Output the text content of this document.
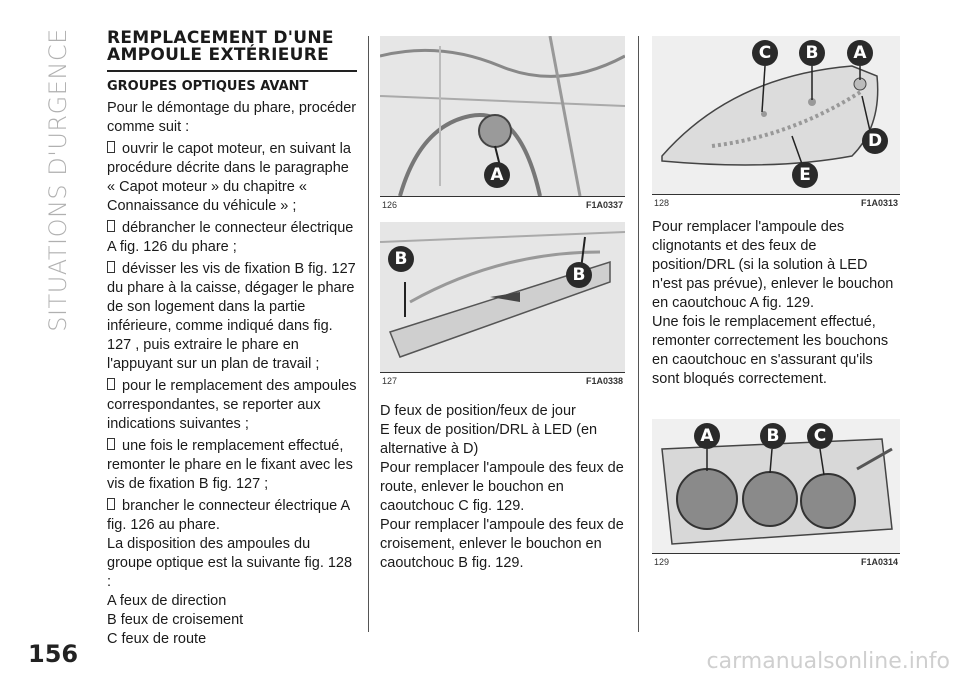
SITUATIONS D'URGENCE
156
REMPLACEMENT D'UNE AMPOULE EXTÉRIEURE
GROUPES OPTIQUES AVANT

Pour le démontage du phare, procéder comme suit :

ouvrir le capot moteur, en suivant la procédure décrite dans le paragraphe « Capot moteur » du chapitre « Connaissance du véhicule » ;

débrancher le connecteur électrique A fig. 126 du phare ;

dévisser les vis de fixation B fig. 127 du phare à la caisse, dégager le phare de son logement dans la partie inférieure, comme indiqué dans fig. 127 , puis extraire le phare en l'appuyant sur un plan de travail ;

pour le remplacement des ampoules correspondantes, se reporter aux indications suivantes ;

une fois le remplacement effectué, remonter le phare en le fixant avec les vis de fixation B fig. 127 ;

brancher le connecteur électrique A fig. 126 au phare.

La disposition des ampoules du groupe optique est la suivante fig. 128 :

A feux de direction

B feux de croisement

C feux de route

A
126	F1A0337
B
B
127	F1A0338

D feux de position/feux de jour

E feux de position/DRL à LED (en alternative à D)

Pour remplacer l'ampoule des feux de route, enlever le bouchon en caoutchouc C fig. 129.

Pour remplacer l'ampoule des feux de croisement, enlever le bouchon en caoutchouc B fig. 129.

C	B	A
D
E
128	F1A0313

Pour remplacer l'ampoule des clignotants et des feux de position/DRL (si la solution à LED n'est pas prévue), enlever le bouchon en caoutchouc A fig. 129.

Une fois le remplacement effectué, remonter correctement les bouchons en caoutchouc en s'assurant qu'ils sont bloqués correctement.

A	B	C
129	F1A0314
carmanualsonline.info
